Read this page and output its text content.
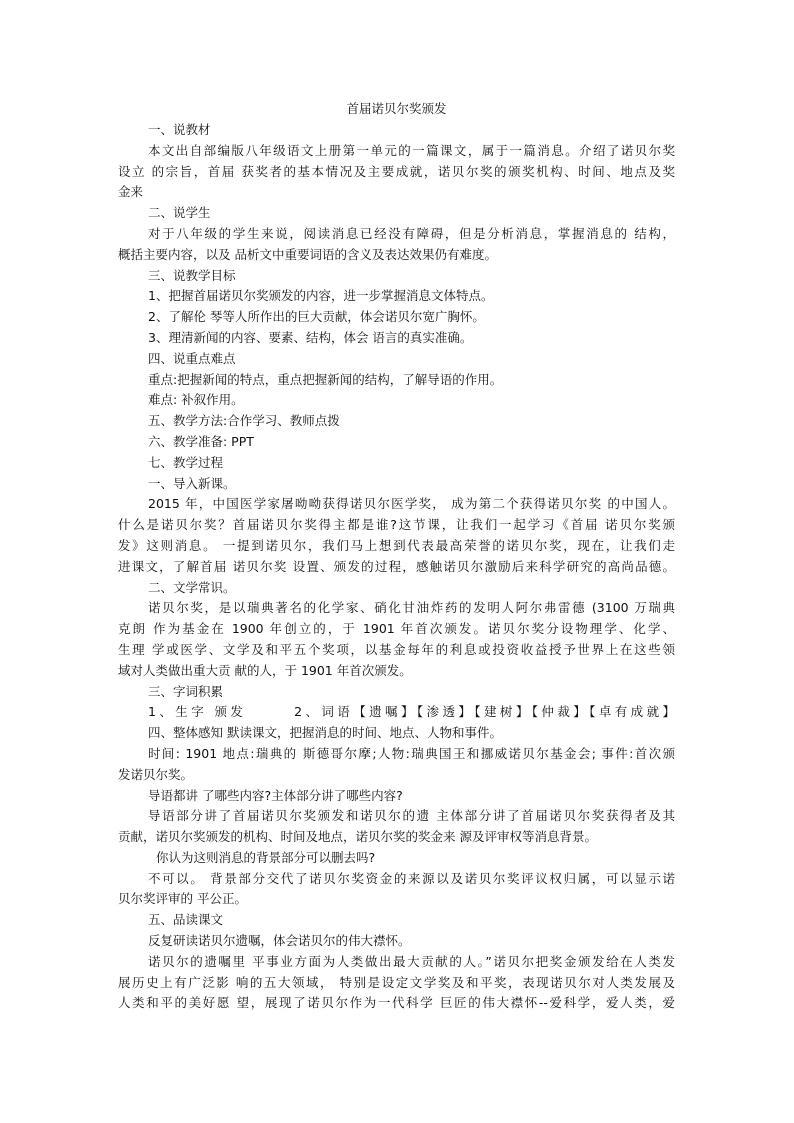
首届诺贝尔奖颁发
一、说教材
本文出自部编版八年级语文上册第一单元的一篇课文，属于一篇消息。介绍了诺贝尔奖
设立 的宗旨，首届 获奖者的基本情况及主要成就，诺贝尔奖的颁奖机构、时间、地点及奖
金来
二、说学生
对于八年级的学生来说，阅读消息已经没有障碍，但是分析消息，掌握消息的 结构，
概括主要内容，以及 品析文中重要词语的含义及表达效果仍有难度。
三、说教学目标
1、把握首届诺贝尔奖颁发的内容，进一步掌握消息文体特点。
2、了解伦 琴等人所作出的巨大贡献，体会诺贝尔宽广胸怀。
3、理清新闻的内容、要素、结构，体会 语言的真实准确。
四、说重点难点
重点:把握新闻的特点，重点把握新闻的结构，了解导语的作用。
难点: 补叙作用。
五、教学方法:合作学习、教师点拨
六、教学准备: PPT
七、教学过程
一、导入新课。
2015 年，中国医学家屠呦呦获得诺贝尔医学奖， 成为第二个获得诺贝尔奖 的中国人。
什么是诺贝尔奖？首届诺贝尔奖得主都是谁?这节课，让我们一起学习《首届 诺贝尔奖颁
发》这则消息。 一提到诺贝尔，我们马上想到代表最高荣誉的诺贝尔奖，现在，让我们走
进课文，了解首届 诺贝尔奖 设置、颁发的过程，感触诺贝尔激励后来科学研究的高尚品德。
二、文学常识。
诺贝尔奖，是以瑞典著名的化学家、硝化甘油炸药的发明人阿尔弗雷德 (3100 万瑞典
克朗 作为基金在 1900 年创立的，于 1901 年首次颁发。诺贝尔奖分设物理学、化学、
生理 学或医学、文学及和平五个奖项，以基金每年的利息或投资收益授予世界上在这些领
域对人类做出重大贡 献的人，于 1901 年首次颁发。
三、字词积累
1、生字 颁发　　　2、词语【遗嘱】【渗透】【建树】【仲裁】【卓有成就】
四、整体感知 默读课文，把握消息的时间、地点、人物和事件。
时间: 1901 地点:瑞典的 斯德哥尔摩;人物:瑞典国王和挪威诺贝尔基金会; 事件:首次颁
发诺贝尔奖。
导语都讲 了哪些内容?主体部分讲了哪些内容?
导语部分讲了首届诺贝尔奖颁发和诺贝尔的遗 主体部分讲了首届诺贝尔奖获得者及其
贡献，诺贝尔奖颁发的机构、时间及地点，诺贝尔奖的奖金来 源及评审权等消息背景。
你认为这则消息的背景部分可以删去吗?
不可以。 背景部分交代了诺贝尔奖资金的来源以及诺贝尔奖评议权归属，可以显示诺
贝尔奖评审的 平公正。
五、品读课文
反复研读诺贝尔遗嘱，体会诺贝尔的伟大襟怀。
诺贝尔的遗嘱里 平事业方面为人类做出最大贡献的人。”诺贝尔把奖金颁发给在人类发
展历史上有广泛影 响的五大领域， 特别是设定文学奖及和平奖，表现诺贝尔对人类发展及
人类和平的美好愿 望，展现了诺贝尔作为一代科学 巨匠的伟大襟怀--爱科学，爱人类，爱
